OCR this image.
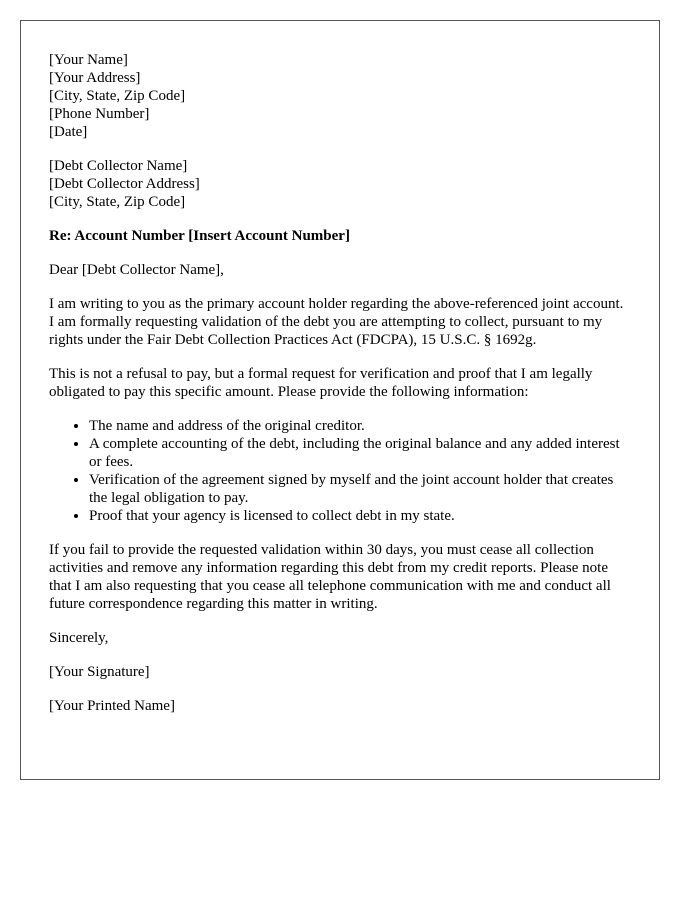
[Your Name]
[Your Address]
[City, State, Zip Code]
[Phone Number]
[Date]
[Debt Collector Name]
[Debt Collector Address]
[City, State, Zip Code]

Re: Account Number [Insert Account Number]

Dear [Debt Collector Name],

I am writing to you as the primary account holder regarding the above-referenced joint account. I am formally requesting validation of the debt you are attempting to collect, pursuant to my rights under the Fair Debt Collection Practices Act (FDCPA), 15 U.S.C. § 1692g.

This is not a refusal to pay, but a formal request for verification and proof that I am legally obligated to pay this specific amount. Please provide the following information:

• The name and address of the original creditor.
• A complete accounting of the debt, including the original balance and any added interest or fees.
• Verification of the agreement signed by myself and the joint account holder that creates the legal obligation to pay.
• Proof that your agency is licensed to collect debt in my state.

If you fail to provide the requested validation within 30 days, you must cease all collection activities and remove any information regarding this debt from my credit reports. Please note that I am also requesting that you cease all telephone communication with me and conduct all future correspondence regarding this matter in writing.

Sincerely,

[Your Signature]

[Your Printed Name]
